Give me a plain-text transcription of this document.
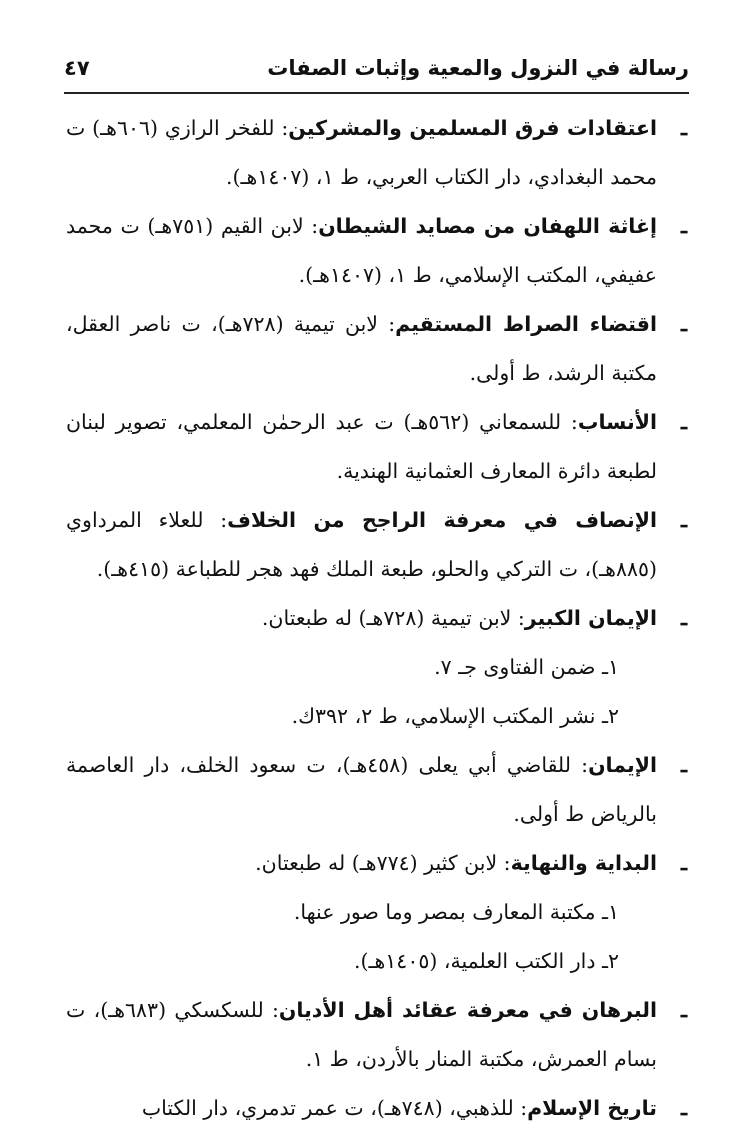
رسالة في النزول والمعية وإثبات الصفات
٤٧
ـ
اعتقادات فرق المسلمين والمشركين: للفخر الرازي (٦٠٦هـ) ت محمد البغدادي، دار الكتاب العربي، ط ١، (١٤٠٧هـ).
ـ
إغاثة اللهفان من مصايد الشيطان: لابن القيم (٧٥١هـ) ت محمد عفيفي، المكتب الإسلامي، ط ١، (١٤٠٧هـ).
ـ
اقتضاء الصراط المستقيم: لابن تيمية (٧٢٨هـ)، ت ناصر العقل، مكتبة الرشد، ط أولى.
ـ
الأنساب: للسمعاني (٥٦٢هـ) ت عبد الرحمٰن المعلمي، تصوير لبنان لطبعة دائرة المعارف العثمانية الهندية.
ـ
الإنصاف في معرفة الراجح من الخلاف: للعلاء المرداوي (٨٨٥هـ)، ت التركي والحلو، طبعة الملك فهد هجر للطباعة (٤١٥هـ).
ـ
الإيمان الكبير: لابن تيمية (٧٢٨هـ) له طبعتان.
١ـ ضمن الفتاوى جـ ٧.
٢ـ نشر المكتب الإسلامي، ط ٢، ٣٩٢ك.
ـ
الإيمان: للقاضي أبي يعلى (٤٥٨هـ)، ت سعود الخلف، دار العاصمة بالرياض ط أولى.
ـ
البداية والنهاية: لابن كثير (٧٧٤هـ) له طبعتان.
١ـ مكتبة المعارف بمصر وما صور عنها.
٢ـ دار الكتب العلمية، (١٤٠٥هـ).
ـ
البرهان في معرفة عقائد أهل الأديان: للسكسكي (٦٨٣هـ)، ت بسام العمرش، مكتبة المنار بالأردن، ط ١.
ـ
تاريخ الإسلام: للذهبي، (٧٤٨هـ)، ت عمر تدمري، دار الكتاب
